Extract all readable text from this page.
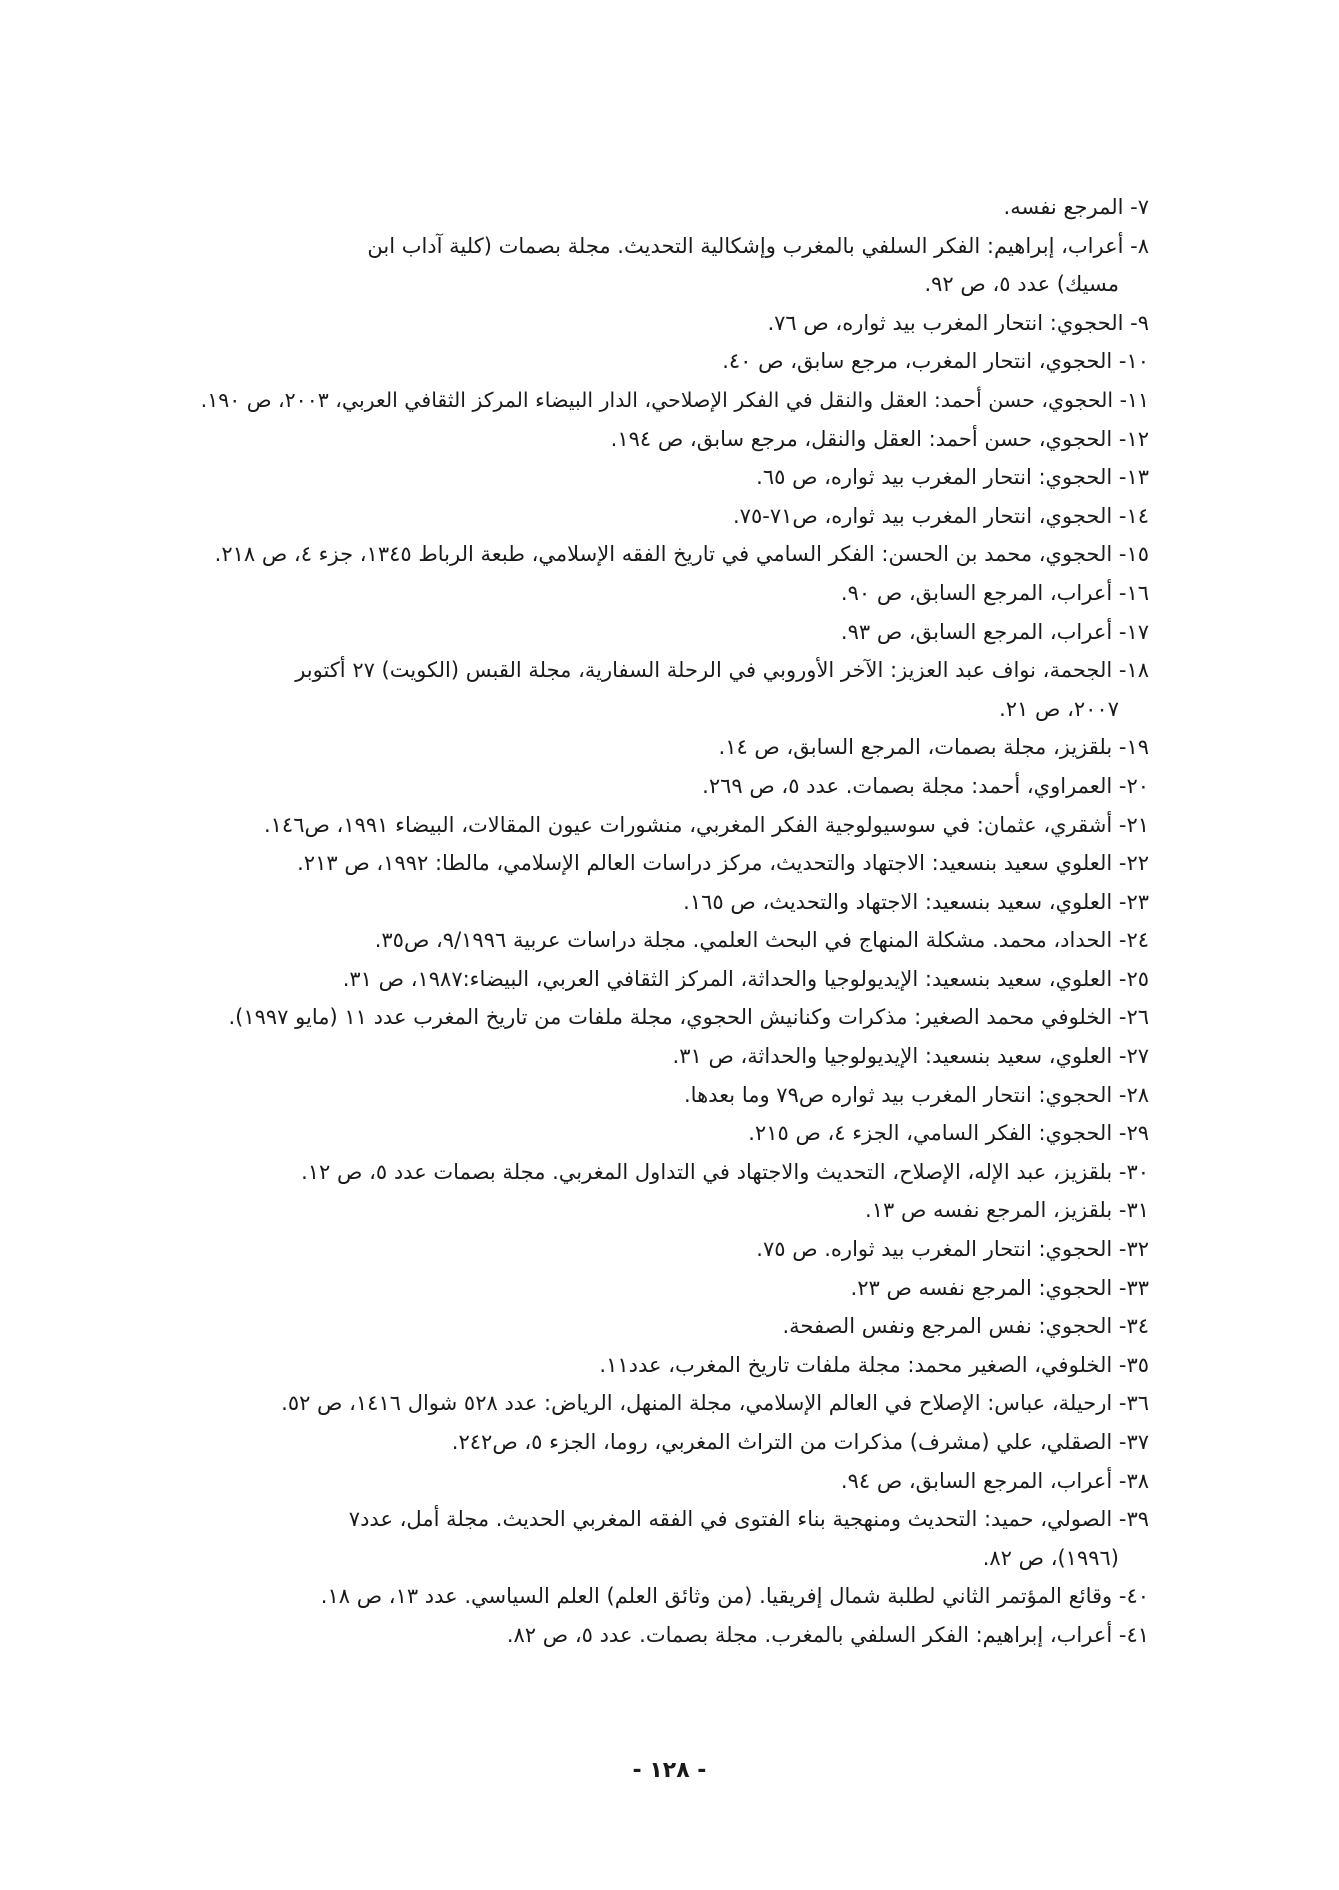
٧- المرجع نفسه.

٨- أعراب، إبراهيم: الفكر السلفي بالمغرب وإشكالية التحديث. مجلة بصمات (كلية آداب ابن

مسيك) عدد ٥، ص ٩٢.

٩- الحجوي: انتحار المغرب بيد ثواره، ص ٧٦.

١٠- الحجوي، انتحار المغرب، مرجع سابق، ص ٤٠.

١١- الحجوي، حسن أحمد: العقل والنقل في الفكر الإصلاحي، الدار البيضاء المركز الثقافي العربي، ٢٠٠٣، ص ١٩٠.

١٢- الحجوي، حسن أحمد: العقل والنقل، مرجع سابق، ص ١٩٤.

١٣- الحجوي: انتحار المغرب بيد ثواره، ص ٦٥.

١٤- الحجوي، انتحار المغرب بيد ثواره، ص٧١-٧٥.

١٥- الحجوي، محمد بن الحسن: الفكر السامي في تاريخ الفقه الإسلامي، طبعة الرباط ١٣٤٥، جزء ٤، ص ٢١٨.

١٦- أعراب، المرجع السابق، ص ٩٠.

١٧- أعراب، المرجع السابق، ص ٩٣.

١٨- الجحمة، نواف عبد العزيز: الآخر الأوروبي في الرحلة السفارية، مجلة القبس (الكويت) ٢٧ أكتوبر

٢٠٠٧، ص ٢١.

١٩- بلقزيز، مجلة بصمات، المرجع السابق، ص ١٤.

٢٠- العمراوي، أحمد: مجلة بصمات. عدد ٥، ص ٢٦٩.

٢١- أشقري، عثمان: في سوسيولوجية الفكر المغربي، منشورات عيون المقالات، البيضاء ١٩٩١، ص١٤٦.

٢٢- العلوي سعيد بنسعيد: الاجتهاد والتحديث، مركز دراسات العالم الإسلامي، مالطا: ١٩٩٢، ص ٢١٣.

٢٣- العلوي، سعيد بنسعيد: الاجتهاد والتحديث، ص ١٦٥.

٢٤- الحداد، محمد. مشكلة المنهاج في البحث العلمي. مجلة دراسات عربية ٩/١٩٩٦، ص٣٥.

٢٥- العلوي، سعيد بنسعيد: الإيديولوجيا والحداثة، المركز الثقافي العربي، البيضاء:١٩٨٧، ص ٣١.

٢٦- الخلوفي محمد الصغير: مذكرات وكنانيش الحجوي، مجلة ملفات من تاريخ المغرب عدد ١١ (مايو ١٩٩٧).

٢٧- العلوي، سعيد بنسعيد: الإيديولوجيا والحداثة، ص ٣١.

٢٨- الحجوي: انتحار المغرب بيد ثواره ص٧٩ وما بعدها.

٢٩- الحجوي: الفكر السامي، الجزء ٤، ص ٢١٥.

٣٠- بلقزيز، عبد الإله، الإصلاح، التحديث والاجتهاد في التداول المغربي. مجلة بصمات عدد ٥، ص ١٢.

٣١- بلقزيز، المرجع نفسه ص ١٣.

٣٢- الحجوي: انتحار المغرب بيد ثواره. ص ٧٥.

٣٣- الحجوي: المرجع نفسه ص ٢٣.

٣٤- الحجوي: نفس المرجع ونفس الصفحة.

٣٥- الخلوفي، الصغير محمد: مجلة ملفات تاريخ المغرب، عدد١١.

٣٦- ارحيلة، عباس: الإصلاح في العالم الإسلامي، مجلة المنهل، الرياض: عدد ٥٢٨ شوال ١٤١٦، ص ٥٢.

٣٧- الصقلي، علي (مشرف) مذكرات من التراث المغربي، روما، الجزء ٥، ص٢٤٢.

٣٨- أعراب، المرجع السابق، ص ٩٤.

٣٩- الصولي، حميد: التحديث ومنهجية بناء الفتوى في الفقه المغربي الحديث. مجلة أمل، عدد٧

(١٩٩٦)، ص ٨٢.

٤٠- وقائع المؤتمر الثاني لطلبة شمال إفريقيا. (من وثائق العلم) العلم السياسي. عدد ١٣، ص ١٨.

٤١- أعراب، إبراهيم: الفكر السلفي بالمغرب. مجلة بصمات. عدد ٥، ص ٨٢.

- ١٢٨ -
